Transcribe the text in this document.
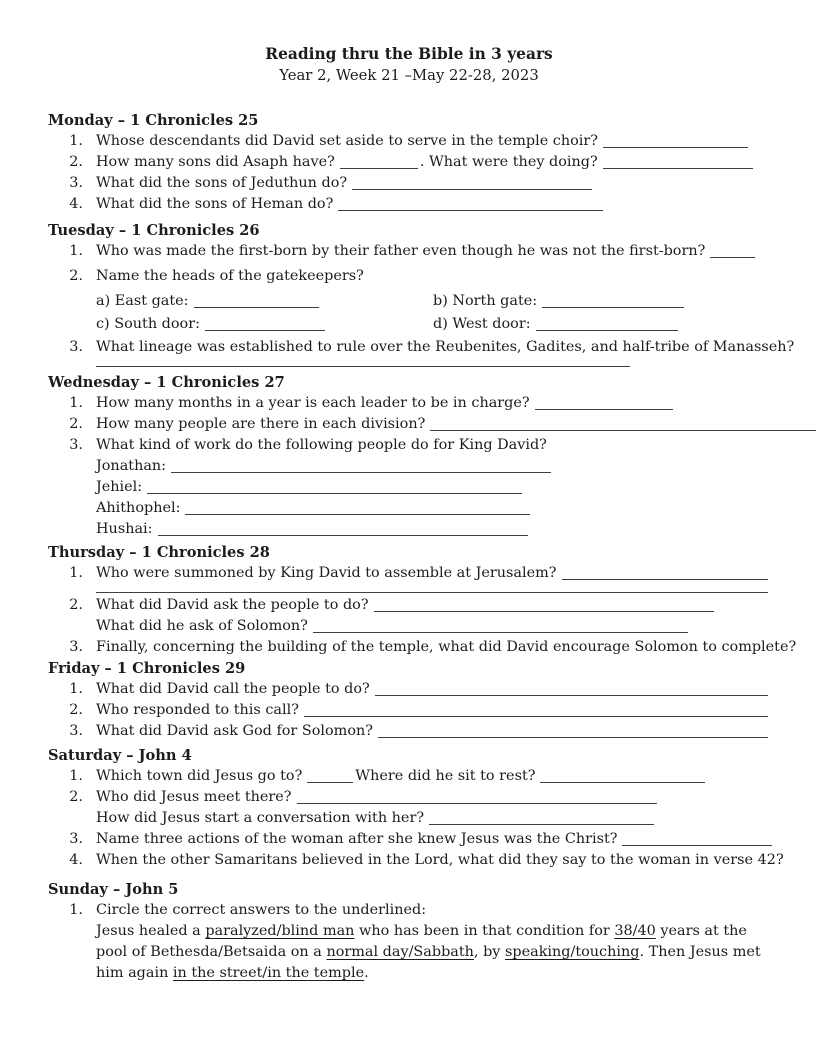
Reading thru the Bible in 3 years
Year 2, Week 21 –May 22-28, 2023
Monday – 1 Chronicles 25
1. Whose descendants did David set aside to serve in the temple choir?
2. How many sons did Asaph have?	. What were they doing?
3. What did the sons of Jeduthun do?
4. What did the sons of Heman do?
Tuesday – 1 Chronicles 26
1. Who was made the first-born by their father even though he was not the first-born?
2. Name the heads of the gatekeepers?
a) East gate:	b) North gate:
c) South door:	d) West door:
3. What lineage was established to rule over the Reubenites, Gadites, and half-tribe of Manasseh?
Wednesday – 1 Chronicles 27
1. How many months in a year is each leader to be in charge?
2. How many people are there in each division?
3. What kind of work do the following people do for King David?
Jonathan:
Jehiel:
Ahithophel:
Hushai:
Thursday – 1 Chronicles 28
1. Who were summoned by King David to assemble at Jerusalem?
2. What did David ask the people to do?
What did he ask of Solomon?
3. Finally, concerning the building of the temple, what did David encourage Solomon to complete?
Friday – 1 Chronicles 29
1. What did David call the people to do?
2. Who responded to this call?
3. What did David ask God for Solomon?
Saturday – John 4
1. Which town did Jesus go to?	Where did he sit to rest?
2. Who did Jesus meet there?
How did Jesus start a conversation with her?
3. Name three actions of the woman after she knew Jesus was the Christ?
4. When the other Samaritans believed in the Lord, what did they say to the woman in verse 42?
Sunday – John 5
1. Circle the correct answers to the underlined:
Jesus healed a paralyzed/blind man who has been in that condition for 38/40 years at the pool of Bethesda/Betsaida on a normal day/Sabbath, by speaking/touching. Then Jesus met him again in the street/in the temple.
